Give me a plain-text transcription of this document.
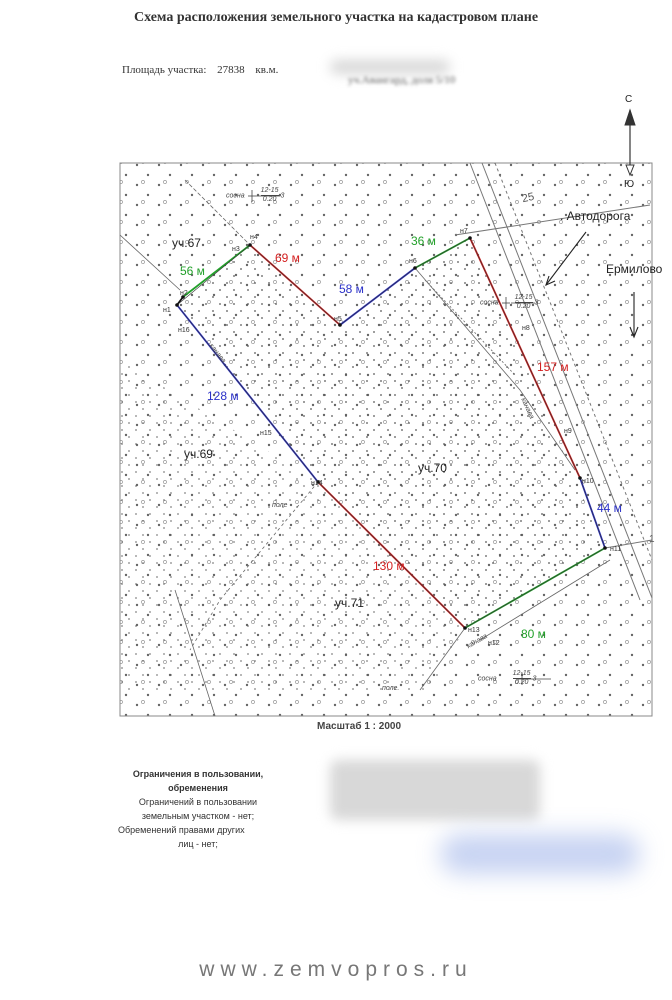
Схема расположения земельного участка на кадастровом плане
Площадь участка: 27838 кв.м.
уч.Авангард, доля 5/10
С
Ю
. Автодорога
Ермилово
25
1
уч.67
уч.69
уч.70
уч.71
сосна $\frac{12-15}{0.20} 3$
сосна $\frac{12-15}{0.20} 3$
сосна $\frac{12-15}{0.20} 3$
канава
канава
канава
поле
поле.
н1
н2
н3
н4
н5
н6
н7
н8
н9
н10
н11
н12
н13
н14
н15
н16
56 м
69 м
58 м
36 м
157 м
44 м
80 м
130 м
128 м
Масштаб 1 : 2000
Ограничения в пользовании,
обременения
Ограничений в пользовании
земельным участком - нет;
Обременений правами других
лиц - нет;
www.zemvopros.ru
